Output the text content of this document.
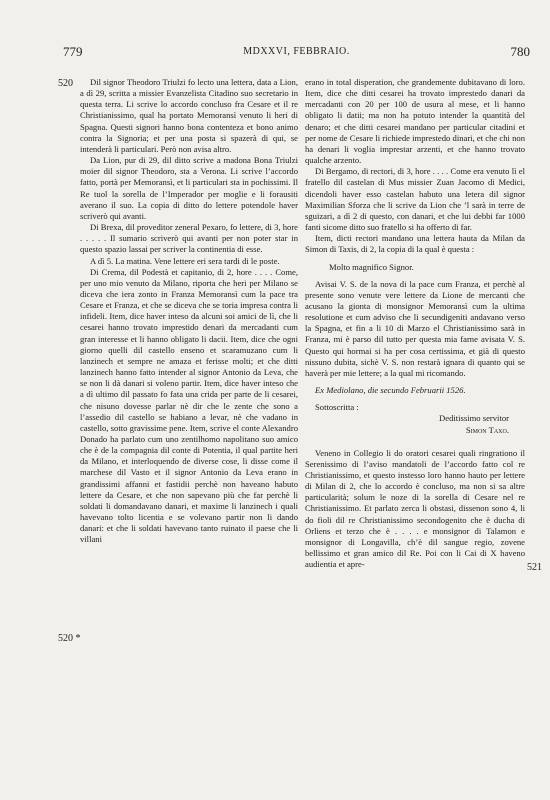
779	MDXXVI, FEBBRAIO.	780
520
520 *
521

Dil signor Theodoro Triulzi fo lecto una lettera, data a Lion, a dì 29, scritta a missier Evanzelista Citadino suo secretario in questa terra. Li scrive lo accordo concluso fra Cesare et il re Christianissimo, qual ha portato Memoransì venuto li heri di Spagna. Questi signori hanno bona contenteza et bono animo contra la Signoria; et per una posta si spazerà di qui, se intenderà li particulari. Però non avisa altro.

Da Lion, pur di 29, dil ditto scrive a madona Bona Triulzi moier dil signor Theodoro, sta a Verona. Li scrive l’accordo fatto, portà per Memoransì, et li particulari sta in pochissimi. Il Re tuol la sorella de l’Imperador per moglie e li forausiti averano il suo. La copia di ditto do lettere potendole haver scriverò qui avanti.

Di Brexa, dil proveditor zeneral Pexaro, fo lettere, di 3, hore . . . . . Il sumario scriverò qui avanti per non poter star in questo spazio lassai per scriver la continentia di esse.

A dì 5. La matina. Vene lettere eri sera tardi di le poste.

Di Crema, dil Podestà et capitanio, di 2, hore . . . . Come, per uno mio venuto da Milano, riporta che heri per Milano se diceva che iera zonto in Franza Memoransì cum la pace tra Cesare et Franza, et che se diceva che se toria impresa contra li infideli. Item, dice haver inteso da alcuni soi amici de lì, che li cesarei hanno trovato imprestido denari da mercadanti cum gran interesse et li hanno obligato li dacii. Item, dice che ogni giorno quelli dil castello enseno et scaramuzano cum li lanzinech et sempre ne amaza et ferisse molti; et che ditti lanzinech hanno fatto intender al signor Antonio da Leva, che se non li dà danari si voleno partir. Item, dice haver inteso che a dì ultimo dil passato fo fata una crida per parte de li cesarei, che nisuno dovesse parlar nè dir che le zente che sono a l’assedio dil castello se habiano a levar, nè che vadano in castello, sotto gravissime pene. Item, scrive el conte Alexandro Donado ha parlato cum uno zentilhomo napolitano suo amico che è de la compagnia dil conte di Potentia, il qual partite heri da Milano, et interloquendo de diverse cose, li disse come il marchese dil Vasto et il signor Antonio da Leva erano in grandissimi affanni et fastidii perchè non haveano habuto lettere da Cesare, et che non sapevano più che far perchè li soldati li domandavano danari, et maxime li lanzinech i quali havevano tolto licentia e se volevano partir non li dando danari: et che li soldati havevano tanto ruinato il paese che li villani

erano in total disperation, che grandemente dubitavano di loro. Item, dice che ditti cesarei ha trovato imprestedo danari da mercadanti con 20 per 100 de usura al mese, et li hanno obligato li datii; ma non ha potuto intender la quantità del denaro; et che ditti cesarei mandano per particular citadini et per nome de Cesare li richiede imprestedo dinari, et che chi non ha denari li voglia imprestar arzenti, et che hanno trovato qualche arzento.

Di Bergamo, di rectori, di 3, hore . . . . Come era venuto lì el fratello dil castelan di Mus missier Zuan Jacomo di Medici, dicendoli haver esso castelan habuto una letera dil signor Maximilian Sforza che li scrive da Lion che ’l sarà in terre de sguizari, a dì 2 di questo, con danari, et che lui debbi far 1000 fanti sicome ditto suo fratello si ha offerto di far.

Item, dicti rectori mandano una lettera hauta da Milan da Simon di Taxis, di 2, la copia di la qual è questa :

Molto magnifico Signor.

Avisai V. S. de la nova di la pace cum Franza, et perchè al presente sono venute vere lettere da Lione de mercanti che acusano la gionta di monsignor Memoransì cum la ultima resolutione et cum adviso che li secundigeniti andavano verso la Spagna, et fin a li 10 di Marzo el Christianissimo sarà in Franza, mi è parso dil tutto per questa mia farne avisata V. S. Questo qui hormai si ha per cosa certissima, et già di questo nissuno dubita, sichè V. S. non restarà ignara di quanto qui se haverà per mie lettere; a la qual mi ricomando.

Ex Mediolano, die secundo Februarii 1526.

Sottoscritta :

Deditissimo servitor

Simon Taxo.

Veneno in Collegio li do oratori cesarei quali ringrationo il Serenissimo di l’aviso mandatoli de l’accordo fatto col re Christianissimo, et questo instesso loro hanno hauto per lettere di Milan di 2, che lo accordo è concluso, ma non si sa altre particularità; solum le noze di la sorella di Cesare nel re Christianissimo. Et parlato zerca li obstasi, dissenon sono 4, li do fioli dil re Christianissimo secondogenito che è ducha di Orliens et terzo che è . . . . e monsignor di Talamon e monsignor di Longavilla, ch’è dil sangue regio, zovene bellissimo et gran amico dil Re. Poi con li Cai di X haveno audientia et apre-
